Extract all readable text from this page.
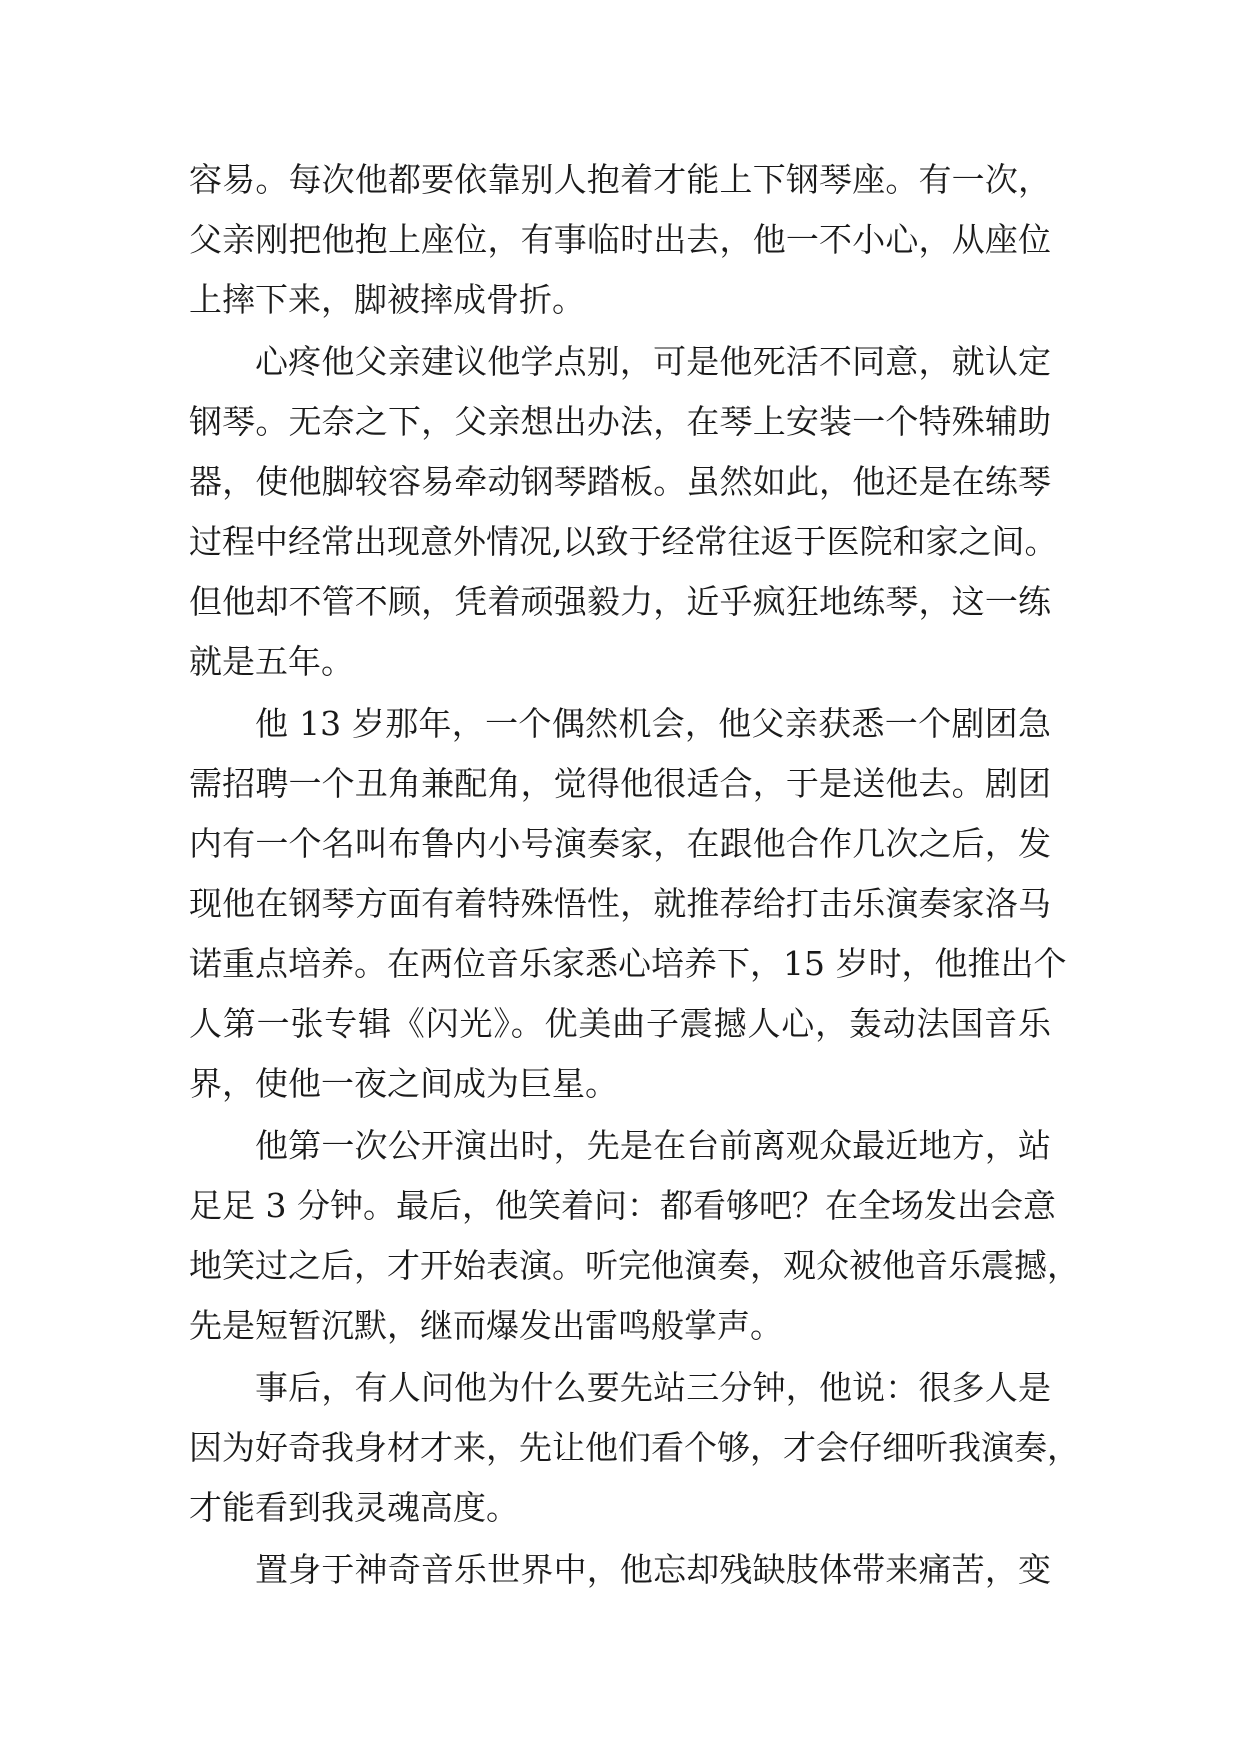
容易。每次他都要依靠别人抱着才能上下钢琴座。有一次，

父亲刚把他抱上座位，有事临时出去，他一不小心，从座位

上摔下来，脚被摔成骨折。

心疼他父亲建议他学点别，可是他死活不同意，就认定

钢琴。无奈之下，父亲想出办法，在琴上安装一个特殊辅助

器，使他脚较容易牵动钢琴踏板。虽然如此，他还是在练琴

过程中经常出现意外情况,以致于经常往返于医院和家之间。

但他却不管不顾，凭着顽强毅力，近乎疯狂地练琴，这一练

就是五年。

他 13 岁那年，一个偶然机会，他父亲获悉一个剧团急

需招聘一个丑角兼配角，觉得他很适合，于是送他去。剧团

内有一个名叫布鲁内小号演奏家，在跟他合作几次之后，发

现他在钢琴方面有着特殊悟性，就推荐给打击乐演奏家洛马

诺重点培养。在两位音乐家悉心培养下，15 岁时，他推出个

人第一张专辑《闪光》。优美曲子震撼人心，轰动法国音乐

界，使他一夜之间成为巨星。

他第一次公开演出时，先是在台前离观众最近地方，站

足足 3 分钟。最后，他笑着问：都看够吧？在全场发出会意

地笑过之后，才开始表演。听完他演奏，观众被他音乐震撼，

先是短暂沉默，继而爆发出雷鸣般掌声。

事后，有人问他为什么要先站三分钟，他说：很多人是

因为好奇我身材才来，先让他们看个够，才会仔细听我演奏，

才能看到我灵魂高度。

置身于神奇音乐世界中，他忘却残缺肢体带来痛苦，变
